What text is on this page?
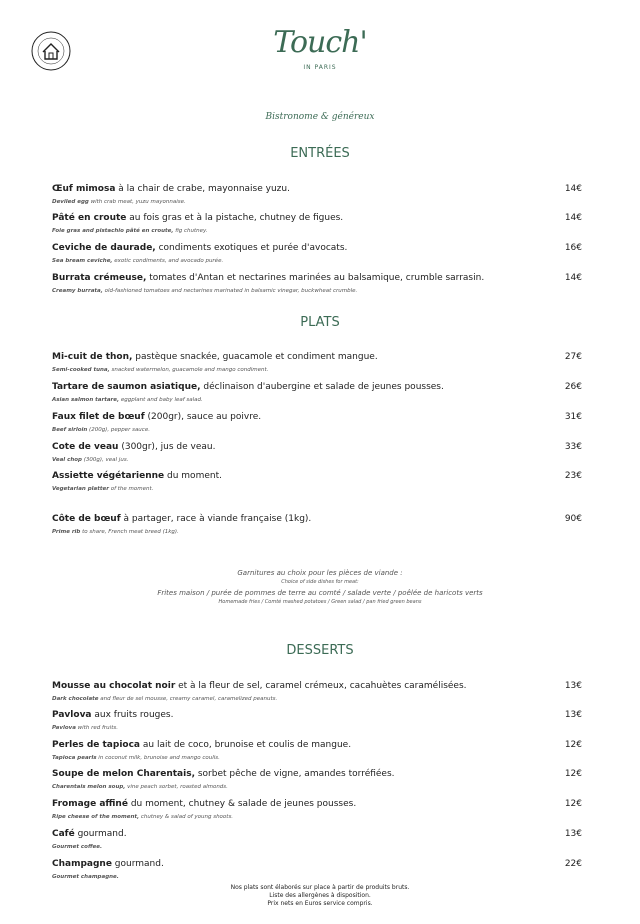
Touch'
IN PARIS
Bistronome & généreux
ENTRÉES
Œuf mimosa à la chair de crabe, mayonnaise yuzu.
Deviled egg with crab meat, yuzu mayonnaise.
14€
Pâté en croute au fois gras et à la pistache, chutney de figues.
Foie gras and pistachio pâté en croute, fig chutney.
14€
Ceviche de daurade, condiments exotiques et purée d'avocats.
Sea bream ceviche, exotic condiments, and avocado purée.
16€
Burrata crémeuse, tomates d'Antan et nectarines marinées au balsamique, crumble sarrasin.
Creamy burrata, old-fashioned tomatoes and nectarines marinated in balsamic vinegar, buckwheat crumble.
14€
PLATS
Mi-cuit de thon, pastèque snackée, guacamole et condiment mangue.
Semi-cooked tuna, snacked watermelon, guacamole and mango condiment.
27€
Tartare de saumon asiatique, déclinaison d'aubergine et salade de jeunes pousses.
Asian salmon tartare, eggplant and baby leaf salad.
26€
Faux filet de bœuf (200gr), sauce au poivre.
Beef sirloin (200g), pepper sauce.
31€
Cote de veau (300gr), jus de veau.
Veal chop (300g), veal jus.
33€
Assiette végétarienne du moment.
Vegetarian platter of the moment.
23€
Côte de bœuf à partager, race à viande française (1kg).
Prime rib to share, French meat breed (1kg).
90€
Garnitures au choix pour les pièces de viande :
Choice of side dishes for meat:
Frites maison / purée de pommes de terre au comté / salade verte / poêlée de haricots verts
Homemade fries / Comté mashed potatoes / Green salad / pan fried green beans
DESSERTS
Mousse au chocolat noir et à la fleur de sel, caramel crémeux, cacahuètes caramélisées.
Dark chocolate and fleur de sel mousse, creamy caramel, caramelized peanuts.
13€
Pavlova aux fruits rouges.
Pavlova with red fruits.
13€
Perles de tapioca au lait de coco, brunoise et coulis de mangue.
Tapioca pearls in coconut milk, brunoise and mango coulis.
12€
Soupe de melon Charentais, sorbet pêche de vigne, amandes torréfiées.
Charentais melon soup, vine peach sorbet, roasted almonds.
12€
Fromage affiné du moment, chutney & salade de jeunes pousses.
Ripe cheese of the moment, chutney & salad of young shoots.
12€
Café gourmand.
Gourmet coffee.
13€
Champagne gourmand.
Gourmet champagne.
22€
Nos plats sont élaborés sur place à partir de produits bruts.
Liste des allergènes à disposition.
Prix nets en Euros service compris.
